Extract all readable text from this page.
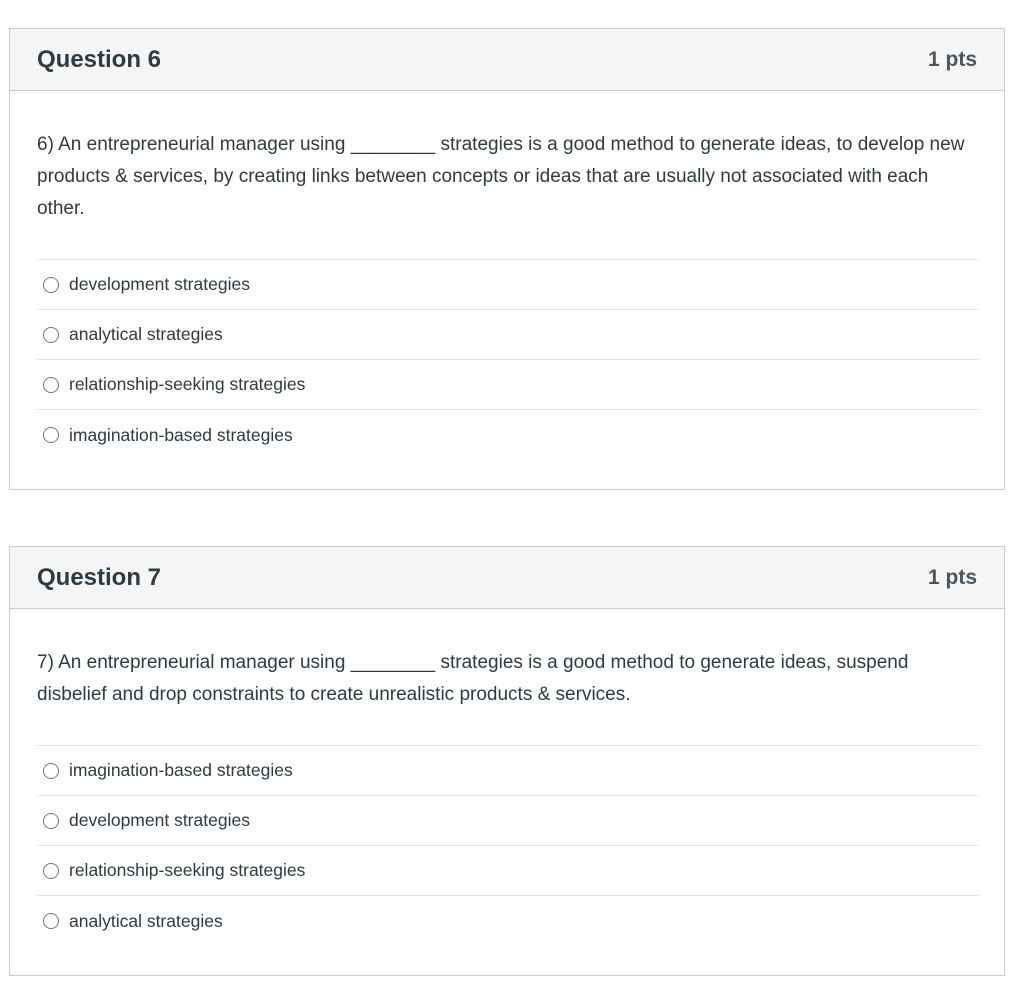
Question 6	1 pts

6) An entrepreneurial manager using ________ strategies is a good method to generate ideas, to develop new products & services, by creating links between concepts or ideas that are usually not associated with each other.

development strategies
analytical strategies
relationship-seeking strategies
imagination-based strategies
Question 7	1 pts

7) An entrepreneurial manager using ________ strategies is a good method to generate ideas, suspend disbelief and drop constraints to create unrealistic products & services.

imagination-based strategies
development strategies
relationship-seeking strategies
analytical strategies
